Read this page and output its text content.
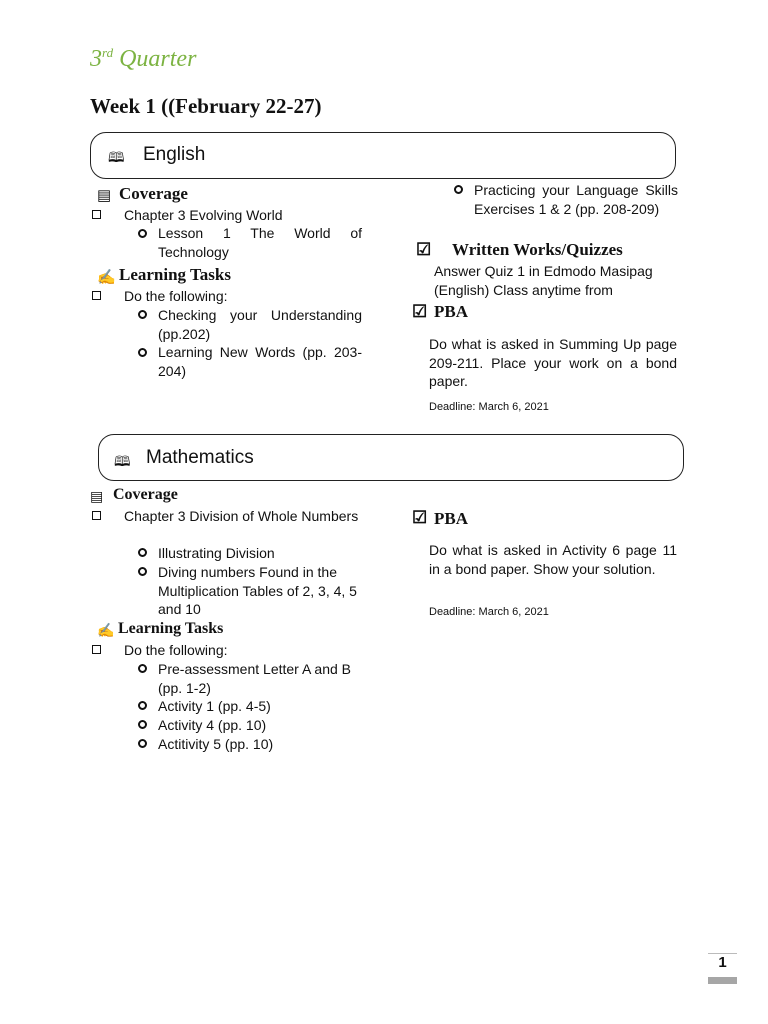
3rd Quarter
Week 1 ((February 22-27)
🕮 English
▤ Coverage
Chapter 3 Evolving World
Lesson 1 The World of Technology
✍ Learning Tasks
Do the following:
Checking your Understanding (pp.202)
Learning New Words (pp. 203-204)
Practicing your Language Skills Exercises 1 & 2 (pp. 208-209)
☑ Written Works/Quizzes
Answer Quiz 1 in Edmodo Masipag (English) Class anytime from
☑ PBA
Do what is asked in Summing Up page 209-211. Place your work on a bond paper.
Deadline: March 6, 2021
🕮 Mathematics
▤ Coverage
Chapter 3 Division of Whole Numbers
Illustrating Division
Diving numbers Found in the Multiplication Tables of 2, 3, 4, 5 and 10
✍ Learning Tasks
Do the following:
Pre-assessment Letter A and B (pp. 1-2)
Activity 1 (pp. 4-5)
Activity 4 (pp. 10)
Actitivity 5 (pp. 10)
☑ PBA
Do what is asked in Activity 6 page 11 in a bond paper. Show your solution.
Deadline: March 6, 2021
1
